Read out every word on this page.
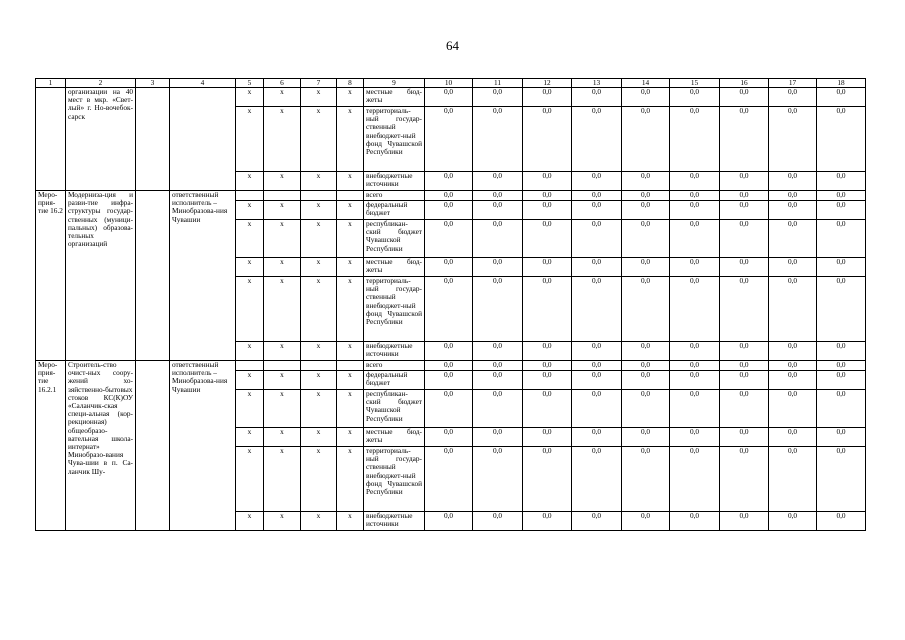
64
1	2	3	4	5	6	7	8	9	10	11	12	13	14	15	16	17	18
	организации на 40 мест в мкр. «Свет-лый» г. Но-вочебок-сарск			х	х	х	х	местные бюд-жеты	0,0	0,0	0,0	0,0	0,0	0,0	0,0	0,0	0,0
				х	х	х	х	территориаль-ный государ-ственный внебюджет-ный фонд Чувашской Республики	0,0	0,0	0,0	0,0	0,0	0,0	0,0	0,0	0,0
				х	х	х	х	внебюджетные источники	0,0	0,0	0,0	0,0	0,0	0,0	0,0	0,0	0,0
Меро-прия-тие 16.2	Модерниза-ция и разви-тие инфра-структуры государ-ственных (муници-пальных) образова-тельных организаций		ответственный исполнитель – Минобразова-ния Чувашии					всего	0,0	0,0	0,0	0,0	0,0	0,0	0,0	0,0	0,0
				х	х	х	х	федеральный бюджет	0,0	0,0	0,0	0,0	0,0	0,0	0,0	0,0	0,0
				х	х	х	х	республикан-ский бюджет Чувашской Республики	0,0	0,0	0,0	0,0	0,0	0,0	0,0	0,0	0,0
				х	х	х	х	местные бюд-жеты	0,0	0,0	0,0	0,0	0,0	0,0	0,0	0,0	0,0
				х	х	х	х	территориаль-ный государ-ственный внебюджет-ный фонд Чувашской Республики	0,0	0,0	0,0	0,0	0,0	0,0	0,0	0,0	0,0
				х	х	х	х	внебюджетные источники	0,0	0,0	0,0	0,0	0,0	0,0	0,0	0,0	0,0
Меро-прия-тие 16.2.1	Строитель-ство очист-ных соору-жений хо-зяйственно-бытовых стоков КС(К)ОУ «Саланчик-ская специ-альная (кор-рекционная) общеобразо-вательная школа-интернат» Минобразо-вания Чува-шии в п. Са-ланчик Шу-		ответственный исполнитель – Минобразова-ния Чувашии					всего	0,0	0,0	0,0	0,0	0,0	0,0	0,0	0,0	0,0
				х	х	х	х	федеральный бюджет	0,0	0,0	0,0	0,0	0,0	0,0	0,0	0,0	0,0
				х	х	х	х	республикан-ский бюджет Чувашской Республики	0,0	0,0	0,0	0,0	0,0	0,0	0,0	0,0	0,0
				х	х	х	х	местные бюд-жеты	0,0	0,0	0,0	0,0	0,0	0,0	0,0	0,0	0,0
				х	х	х	х	территориаль-ный государ-ственный внебюджет-ный фонд Чувашской Республики	0,0	0,0	0,0	0,0	0,0	0,0	0,0	0,0	0,0
				х	х	х	х	внебюджетные источники	0,0	0,0	0,0	0,0	0,0	0,0	0,0	0,0	0,0
